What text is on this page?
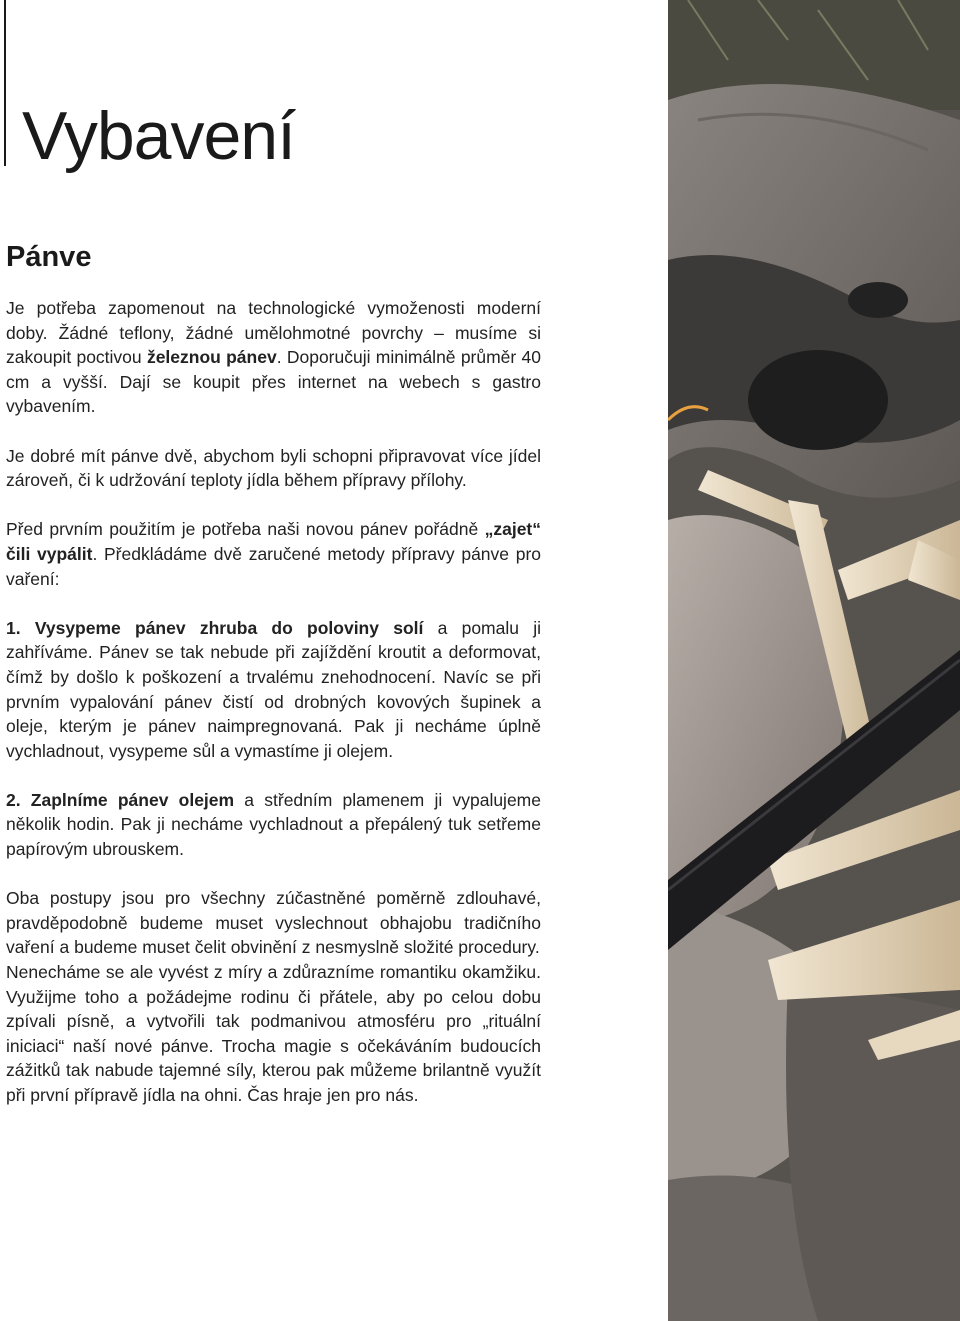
Vybavení
Pánve

Je potřeba zapomenout na technologické vymoženosti moderní doby. Žádné teflony, žádné umělohmotné povrchy – musíme si zakoupit poctivou železnou pánev. Doporučuji minimálně průměr 40 cm a vyšší. Dají se koupit přes internet na webech s gastro vybavením.

Je dobré mít pánve dvě, abychom byli schopni připravovat více jídel zároveň, či k udržování teploty jídla během přípravy přílohy.

Před prvním použitím je potřeba naši novou pánev pořádně „zajet“ čili vypálit. Předkládáme dvě zaručené metody přípravy pánve pro vaření:

1. Vysypeme pánev zhruba do poloviny solí a pomalu ji zahříváme. Pánev se tak nebude při zajíždění kroutit a deformovat, čímž by došlo k poškození a trvalému znehodnocení. Navíc se při prvním vypalování pánev čistí od drobných kovových šupinek a oleje, kterým je pánev naimpregnovaná. Pak ji necháme úplně vychladnout, vysypeme sůl a vymastíme ji olejem.

2. Zaplníme pánev olejem a středním plamenem ji vypalujeme několik hodin. Pak ji necháme vychladnout a přepálený tuk setřeme papírovým ubrouskem.

Oba postupy jsou pro všechny zúčastněné poměrně zdlouhavé, pravděpodobně budeme muset vyslechnout obhajobu tradičního vaření a budeme muset čelit obvinění z nesmyslně složité procedury.

Nenecháme se ale vyvést z míry a zdůrazníme romantiku okamžiku. Využijme toho a požádejme rodinu či přátele, aby po celou dobu zpívali písně, a vytvořili tak podmanivou atmosféru pro „rituální iniciaci“ naší nové pánve. Trocha magie s očekáváním budoucích zážitků tak nabude tajemné síly, kterou pak můžeme brilantně využít při první přípravě jídla na ohni. Čas hraje jen pro nás.
